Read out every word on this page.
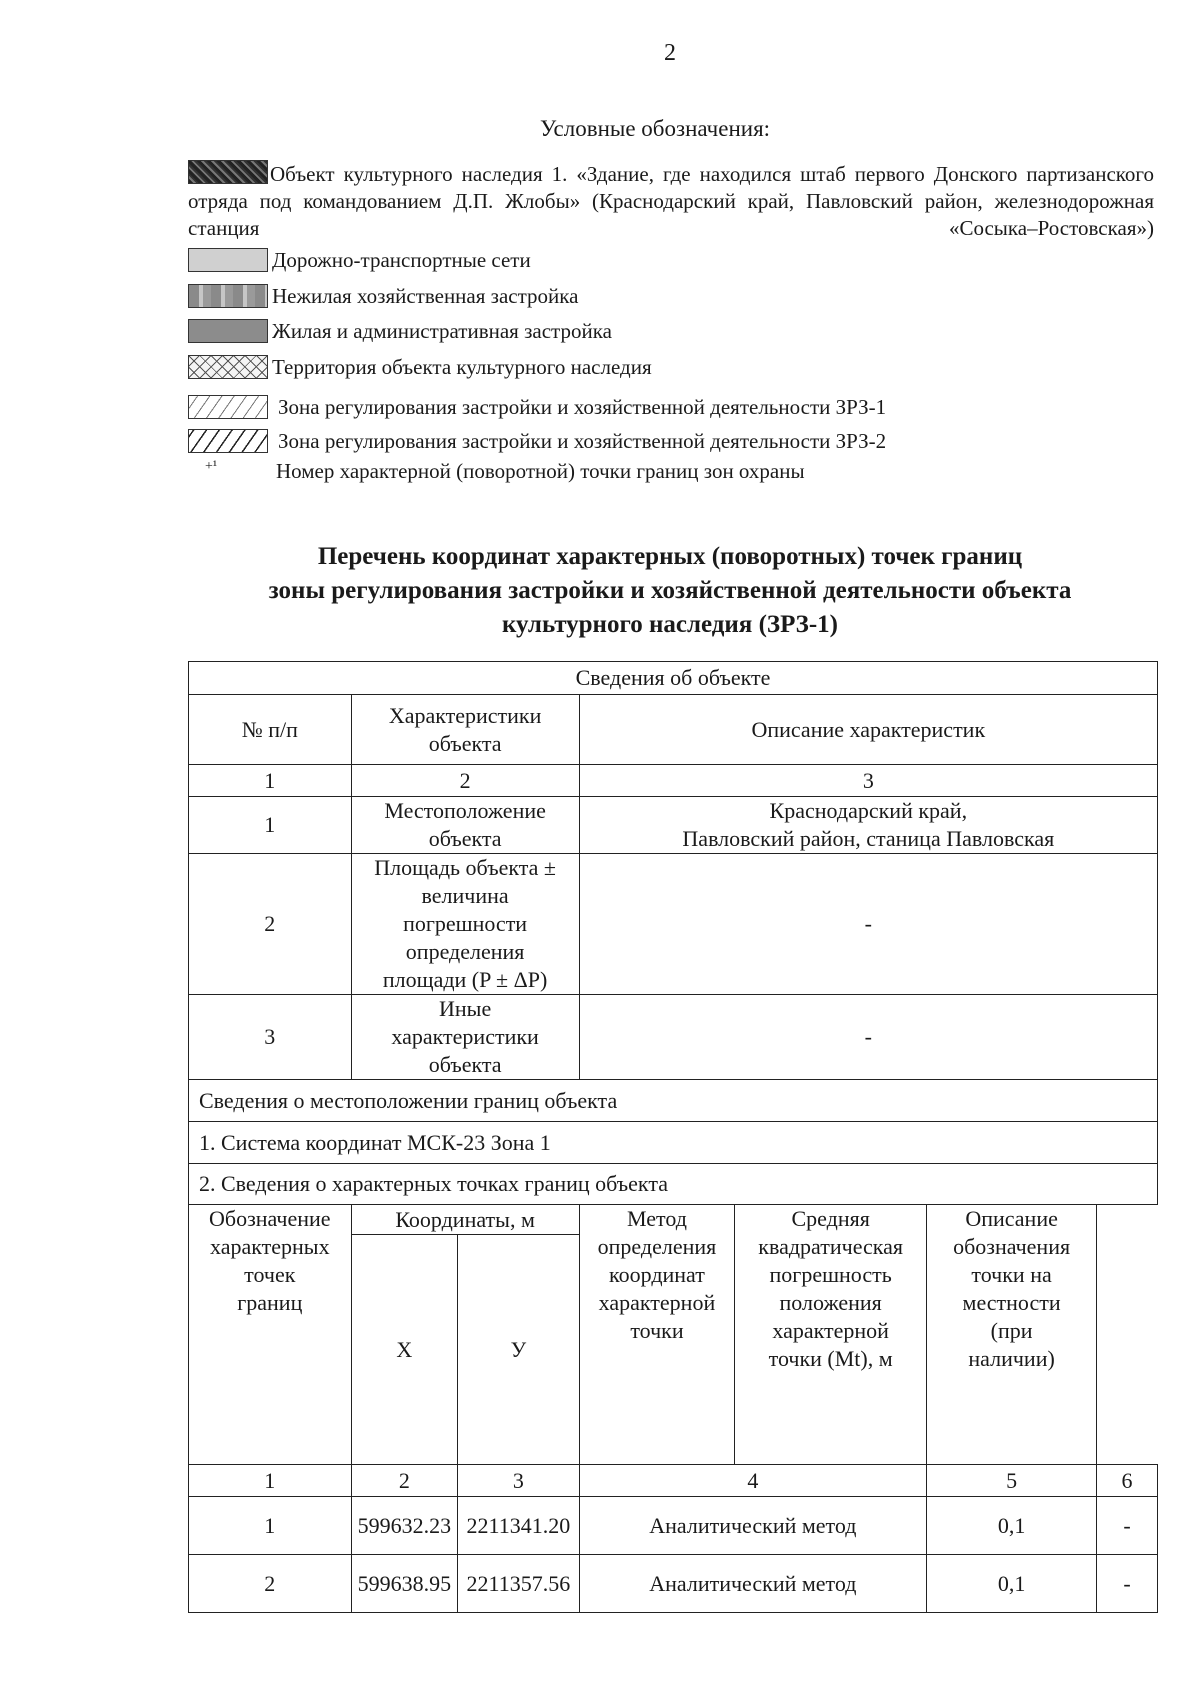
2
Условные обозначения:
Объект культурного наследия 1. «Здание, где находился штаб первого Донского партизанского отряда под командованием Д.П. Жлобы» (Краснодарский край, Павловский район, железнодорожная станция «Сосыка–Ростовская»)
Дорожно-транспортные сети
Нежилая хозяйственная застройка
Жилая и административная застройка
Территория объекта культурного наследия
Зона регулирования застройки и хозяйственной деятельности ЗРЗ-1
Зона регулирования застройки и хозяйственной деятельности ЗРЗ-2
+¹	Номер характерной (поворотной) точки границ зон охраны
Перечень координат характерных (поворотных) точек границ
зоны регулирования застройки и хозяйственной деятельности объекта
культурного наследия (ЗРЗ-1)
Сведения об объекте						
№ п/п	Характеристики объекта		Описание характеристик			
1	2		3			
1	Местоположение объекта		Краснодарский край,
Павловский район, станица Павловская			

2	Площадь объекта ± величина погрешности определения площади (P ± ΔP)		-			
3	Иные характеристики объекта		-			
Сведения о местоположении границ объекта						
1. Система координат МСК-23 Зона 1						
2. Сведения о характерных точках границ объекта						
Обозначение характерных точек границ	Координаты, м		Метод определения координат характерной точки	Средняя квадратическая погрешность положения характерной точки (Mt), м	Описание обозначения точки на местности (при наличии)	
	X	У				
1	2	3	4		5	6
1	599632.23	2211341.20	Аналитический метод		0,1	-
2	599638.95	2211357.56	Аналитический метод		0,1	-
